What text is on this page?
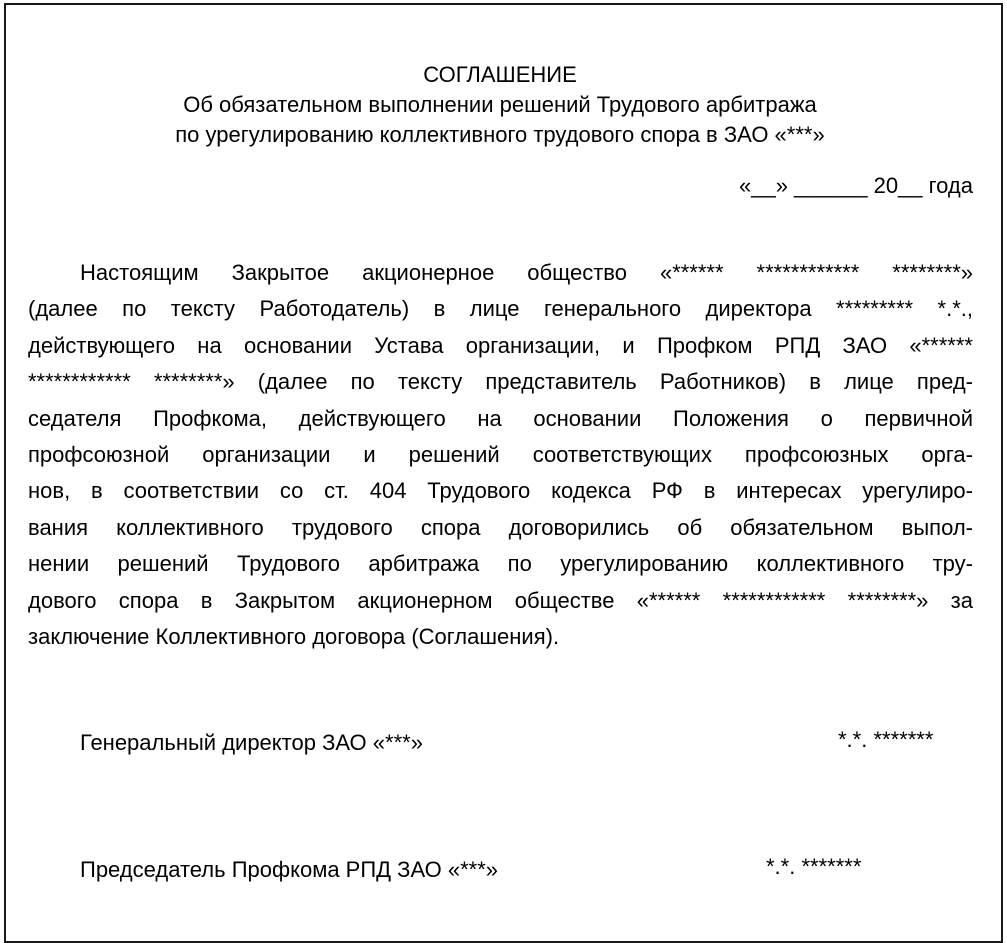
СОГЛАШЕНИЕ
Об обязательном выполнении решений Трудового арбитража
по урегулированию коллективного трудового спора в ЗАО «***»
«__» ______ 20__ года
Настоящим Закрытое акционерное общество «****** ************ ********»
(далее по тексту Работодатель) в лице генерального директора ********* *.*.,
действующего на основании Устава организации, и Профком РПД ЗАО «******
************ ********» (далее по тексту представитель Работников) в лице пред-
седателя Профкома, действующего на основании Положения о первичной
профсоюзной организации и решений соответствующих профсоюзных орга-
нов, в соответствии со ст. 404 Трудового кодекса РФ в интересах урегулиро-
вания коллективного трудового спора договорились об обязательном выпол-
нении решений Трудового арбитража по урегулированию коллективного тру-
дового спора в Закрытом акционерном обществе «****** ************ ********» за
заключение Коллективного договора (Соглашения).
Генеральный директор ЗАО «***»	*.*. *******
Председатель Профкома РПД ЗАО «***»	*.*. *******
